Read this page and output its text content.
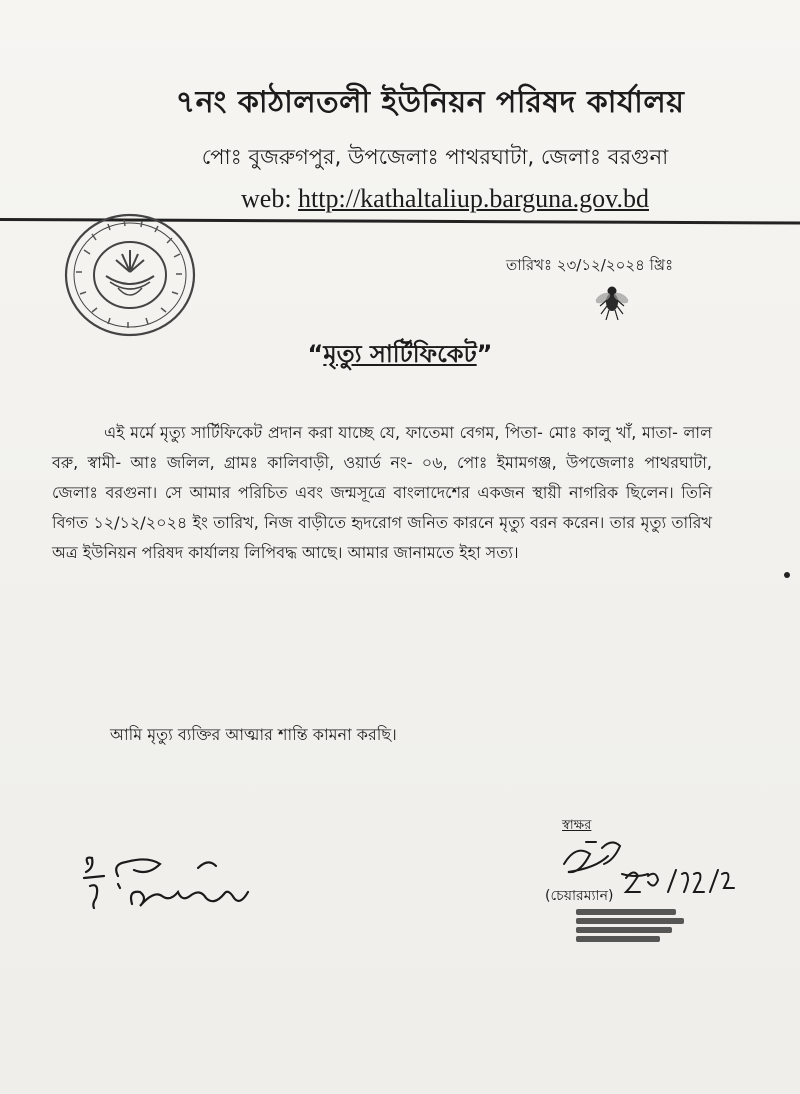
৭নং কাঠালতলী ইউনিয়ন পরিষদ কার্যালয়
পোঃ বুজরুগপুর, উপজেলাঃ পাথরঘাটা, জেলাঃ বরগুনা
web: http://kathaltaliup.barguna.gov.bd
তারিখঃ ২৩/১২/২০২৪ খ্রিঃ
“মৃত্যু সার্টিফিকেট”
এই মর্মে মৃত্যু সার্টিফিকেট প্রদান করা যাচ্ছে যে, ফাতেমা বেগম, পিতা- মোঃ কালু খাঁ, মাতা- লাল বরু, স্বামী- আঃ জলিল, গ্রামঃ কালিবাড়ী, ওয়ার্ড নং- ০৬, পোঃ ইমামগঞ্জ, উপজেলাঃ পাথরঘাটা, জেলাঃ বরগুনা। সে আমার পরিচিত এবং জন্মসূত্রে বাংলাদেশের একজন স্থায়ী নাগরিক ছিলেন। তিনি বিগত ১২/১২/২০২৪ ইং তারিখ, নিজ বাড়ীতে হৃদরোগ জনিত কারনে মৃত্যু বরন করেন। তার মৃত্যু তারিখ অত্র ইউনিয়ন পরিষদ কার্যালয় লিপিবদ্ধ আছে। আমার জানামতে ইহা সত্য।
আমি মৃত্যু ব্যক্তির আত্মার শান্তি কামনা করছি।
স্বাক্ষর
(চেয়ারম্যান)
